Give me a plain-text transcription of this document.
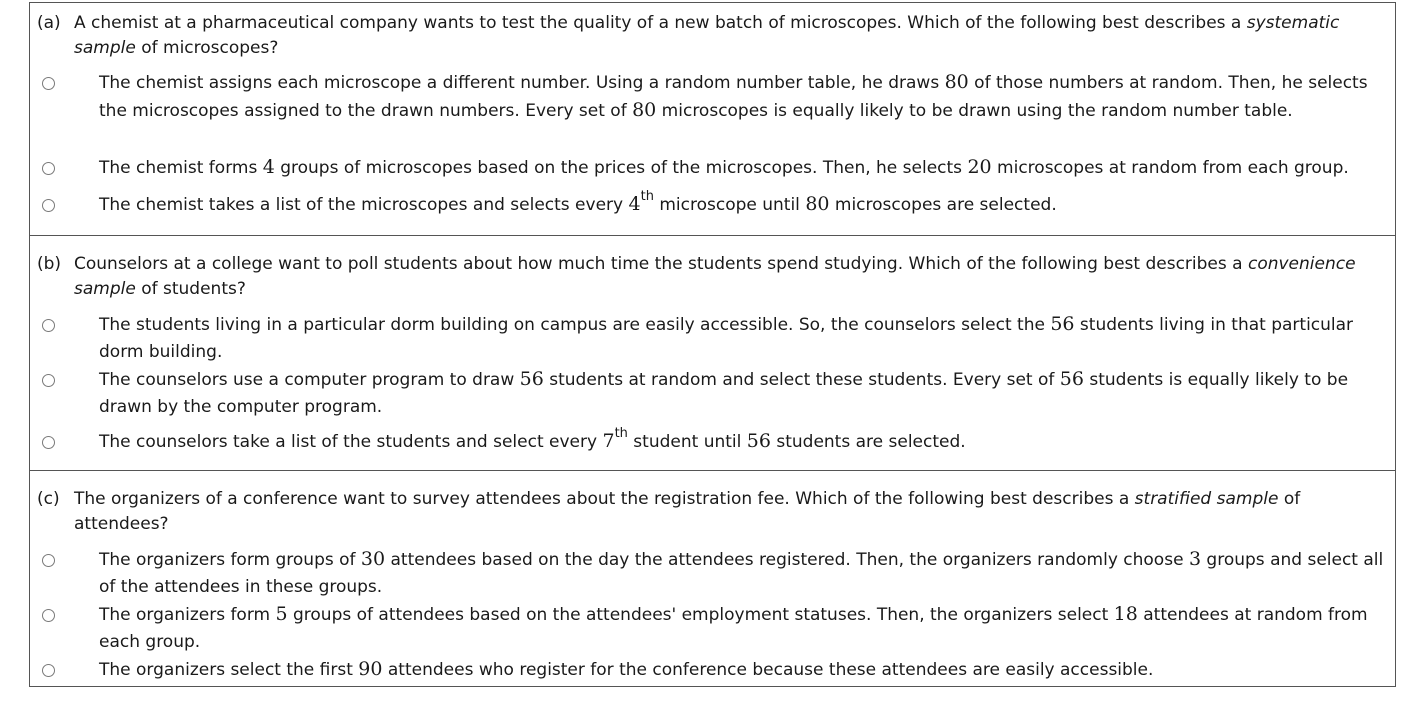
(a) A chemist at a pharmaceutical company wants to test the quality of a new batch of microscopes. Which of the following best describes a systematic sample of microscopes?
The chemist assigns each microscope a different number. Using a random number table, he draws 80 of those numbers at random. Then, he selects the microscopes assigned to the drawn numbers. Every set of 80 microscopes is equally likely to be drawn using the random number table.
The chemist forms 4 groups of microscopes based on the prices of the microscopes. Then, he selects 20 microscopes at random from each group.
The chemist takes a list of the microscopes and selects every 4th microscope until 80 microscopes are selected.
(b) Counselors at a college want to poll students about how much time the students spend studying. Which of the following best describes a convenience sample of students?
The students living in a particular dorm building on campus are easily accessible. So, the counselors select the 56 students living in that particular dorm building.
The counselors use a computer program to draw 56 students at random and select these students. Every set of 56 students is equally likely to be drawn by the computer program.
The counselors take a list of the students and select every 7th student until 56 students are selected.
(c) The organizers of a conference want to survey attendees about the registration fee. Which of the following best describes a stratified sample of attendees?
The organizers form groups of 30 attendees based on the day the attendees registered. Then, the organizers randomly choose 3 groups and select all of the attendees in these groups.
The organizers form 5 groups of attendees based on the attendees' employment statuses. Then, the organizers select 18 attendees at random from each group.
The organizers select the first 90 attendees who register for the conference because these attendees are easily accessible.
